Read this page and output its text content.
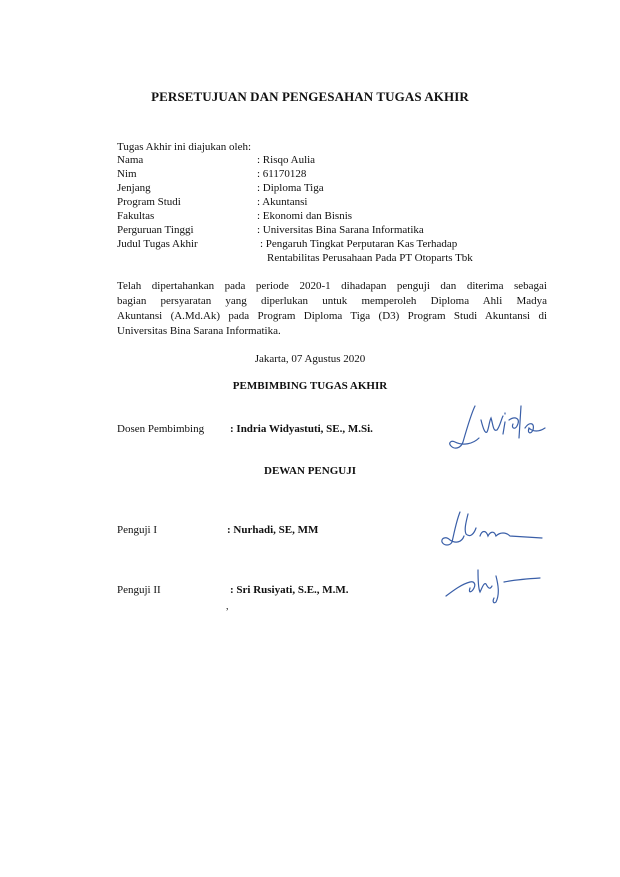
PERSETUJUAN DAN PENGESAHAN TUGAS AKHIR
Tugas Akhir ini diajukan oleh:
Nama	: Risqo Aulia
Nim	: 61170128
Jenjang	: Diploma Tiga
Program Studi	: Akuntansi
Fakultas	: Ekonomi dan Bisnis
Perguruan Tinggi	: Universitas Bina Sarana Informatika
Judul Tugas Akhir	: Pengaruh Tingkat Perputaran Kas Terhadap
Rentabilitas Perusahaan Pada PT Otoparts Tbk
Telah dipertahankan pada periode 2020-1 dihadapan penguji dan diterima sebagai
bagian persyaratan yang diperlukan untuk memperoleh Diploma Ahli Madya
Akuntansi (A.Md.Ak) pada Program Diploma Tiga (D3) Program Studi Akuntansi di
Universitas Bina Sarana Informatika.
Jakarta, 07 Agustus 2020
PEMBIMBING TUGAS AKHIR
Dosen Pembimbing : Indria Widyastuti, SE., M.Si.
DEWAN PENGUJI
Penguji I	: Nurhadi, SE, MM
Penguji II	: Sri Rusiyati, S.E., M.M.
,
